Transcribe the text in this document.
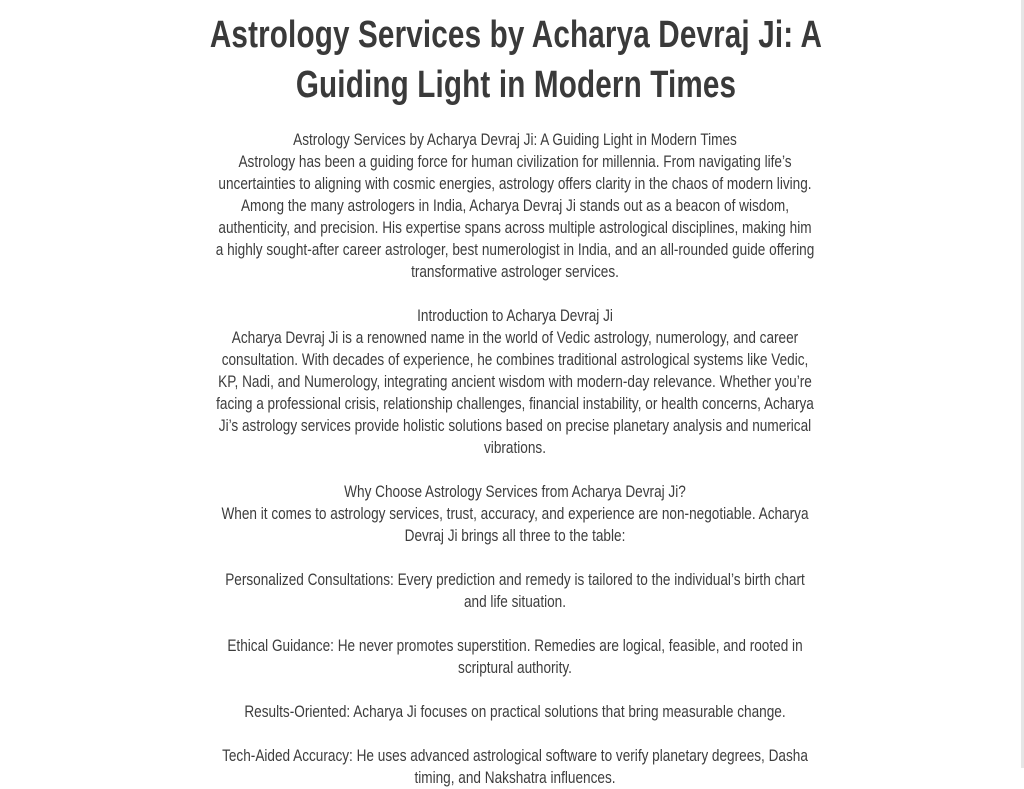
Astrology Services by Acharya Devraj Ji: A Guiding Light in Modern Times

Astrology Services by Acharya Devraj Ji: A Guiding Light in Modern Times

Astrology has been a guiding force for human civilization for millennia. From navigating life’s uncertainties to aligning with cosmic energies, astrology offers clarity in the chaos of modern living. Among the many astrologers in India, Acharya Devraj Ji stands out as a beacon of wisdom, authenticity, and precision. His expertise spans across multiple astrological disciplines, making him a highly sought-after career astrologer, best numerologist in India, and an all-rounded guide offering transformative astrologer services.

Introduction to Acharya Devraj Ji

Acharya Devraj Ji is a renowned name in the world of Vedic astrology, numerology, and career consultation. With decades of experience, he combines traditional astrological systems like Vedic, KP, Nadi, and Numerology, integrating ancient wisdom with modern-day relevance. Whether you’re facing a professional crisis, relationship challenges, financial instability, or health concerns, Acharya Ji’s astrology services provide holistic solutions based on precise planetary analysis and numerical vibrations.

Why Choose Astrology Services from Acharya Devraj Ji?

When it comes to astrology services, trust, accuracy, and experience are non-negotiable. Acharya Devraj Ji brings all three to the table:

Personalized Consultations: Every prediction and remedy is tailored to the individual’s birth chart and life situation.

Ethical Guidance: He never promotes superstition. Remedies are logical, feasible, and rooted in scriptural authority.

Results-Oriented: Acharya Ji focuses on practical solutions that bring measurable change.

Tech-Aided Accuracy: He uses advanced astrological software to verify planetary degrees, Dasha timing, and Nakshatra influences.
